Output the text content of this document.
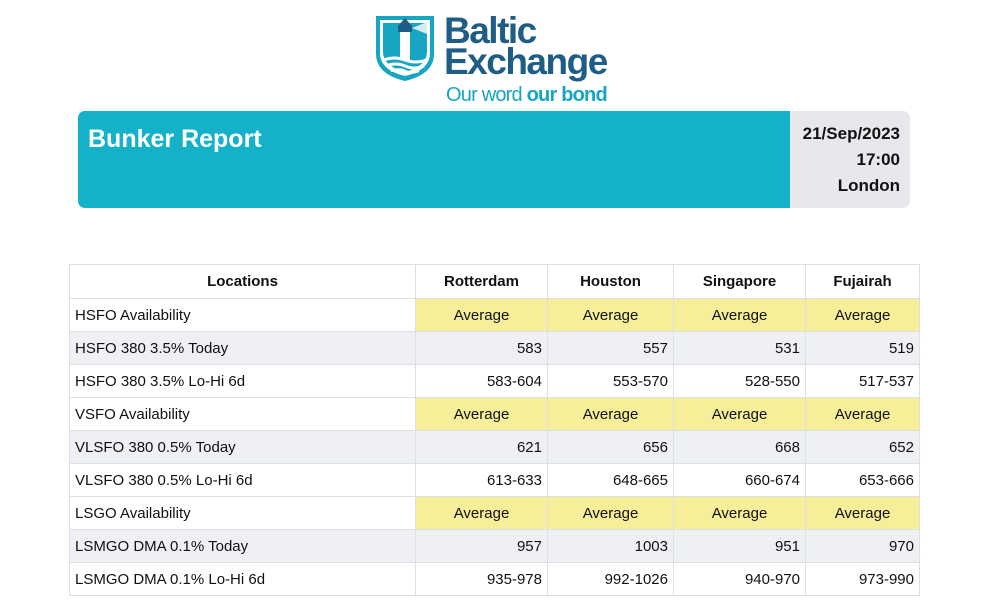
Baltic
Exchange
Our word our bond
Bunker Report	21/Sep/2023
17:00
London
Locations	Rotterdam	Houston	Singapore	Fujairah
HSFO Availability	Average	Average	Average	Average
HSFO 380 3.5% Today	583	557	531	519
HSFO 380 3.5% Lo-Hi 6d	583-604	553-570	528-550	517-537
VSFO Availability	Average	Average	Average	Average
VLSFO 380 0.5% Today	621	656	668	652
VLSFO 380 0.5% Lo-Hi 6d	613-633	648-665	660-674	653-666
LSGO Availability	Average	Average	Average	Average
LSMGO DMA 0.1% Today	957	1003	951	970
LSMGO DMA 0.1% Lo-Hi 6d	935-978	992-1026	940-970	973-990
